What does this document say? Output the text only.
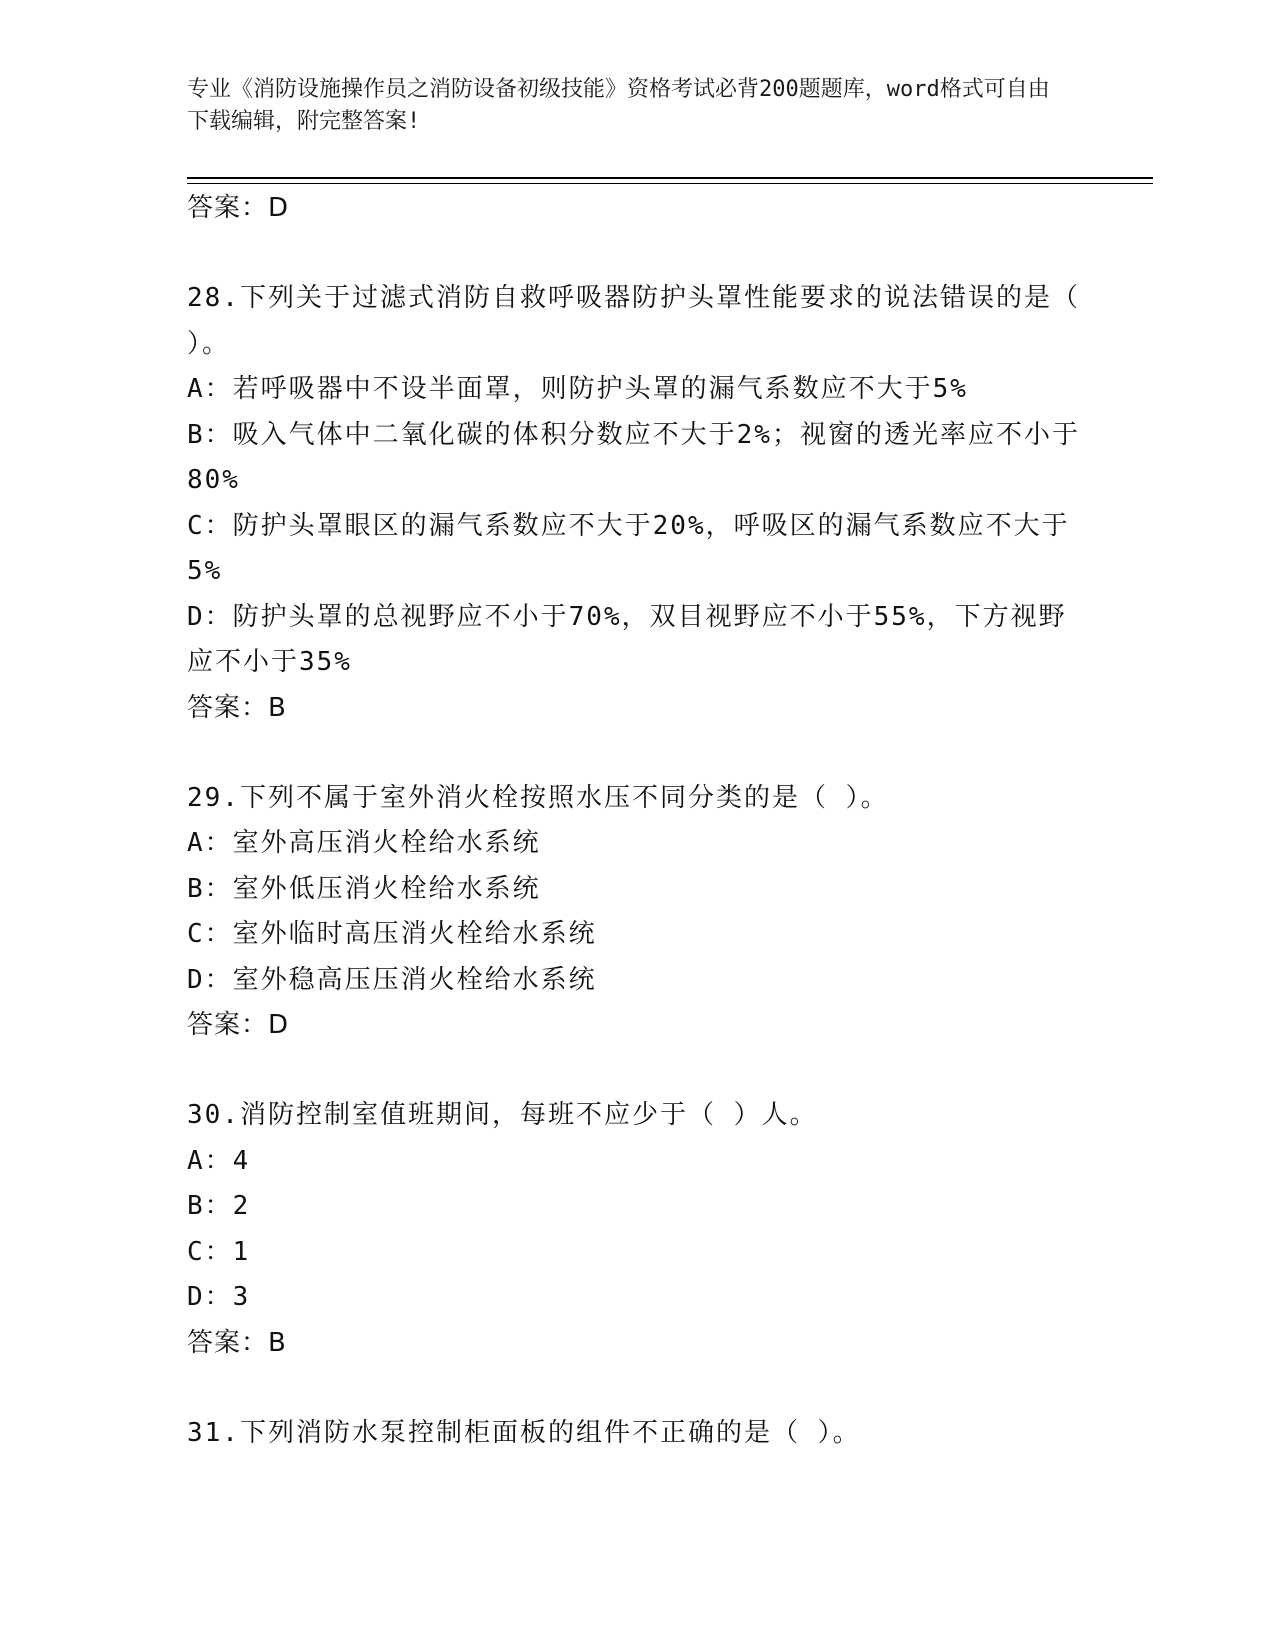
专业《消防设施操作员之消防设备初级技能》资格考试必背200题题库，word格式可自由下载编辑，附完整答案!
答案：D
28.下列关于过滤式消防自救呼吸器防护头罩性能要求的说法错误的是（ ）。
A：若呼吸器中不设半面罩，则防护头罩的漏气系数应不大于5%
B：吸入气体中二氧化碳的体积分数应不大于2%；视窗的透光率应不小于80%
C：防护头罩眼区的漏气系数应不大于20%，呼吸区的漏气系数应不大于5%
D：防护头罩的总视野应不小于70%，双目视野应不小于55%，下方视野应不小于35%
答案：B
29.下列不属于室外消火栓按照水压不同分类的是（ ）。
A：室外高压消火栓给水系统
B：室外低压消火栓给水系统
C：室外临时高压消火栓给水系统
D：室外稳高压压消火栓给水系统
答案：D
30.消防控制室值班期间，每班不应少于（ ）人。
A：4
B：2
C：1
D：3
答案：B
31.下列消防水泵控制柜面板的组件不正确的是（ ）。
